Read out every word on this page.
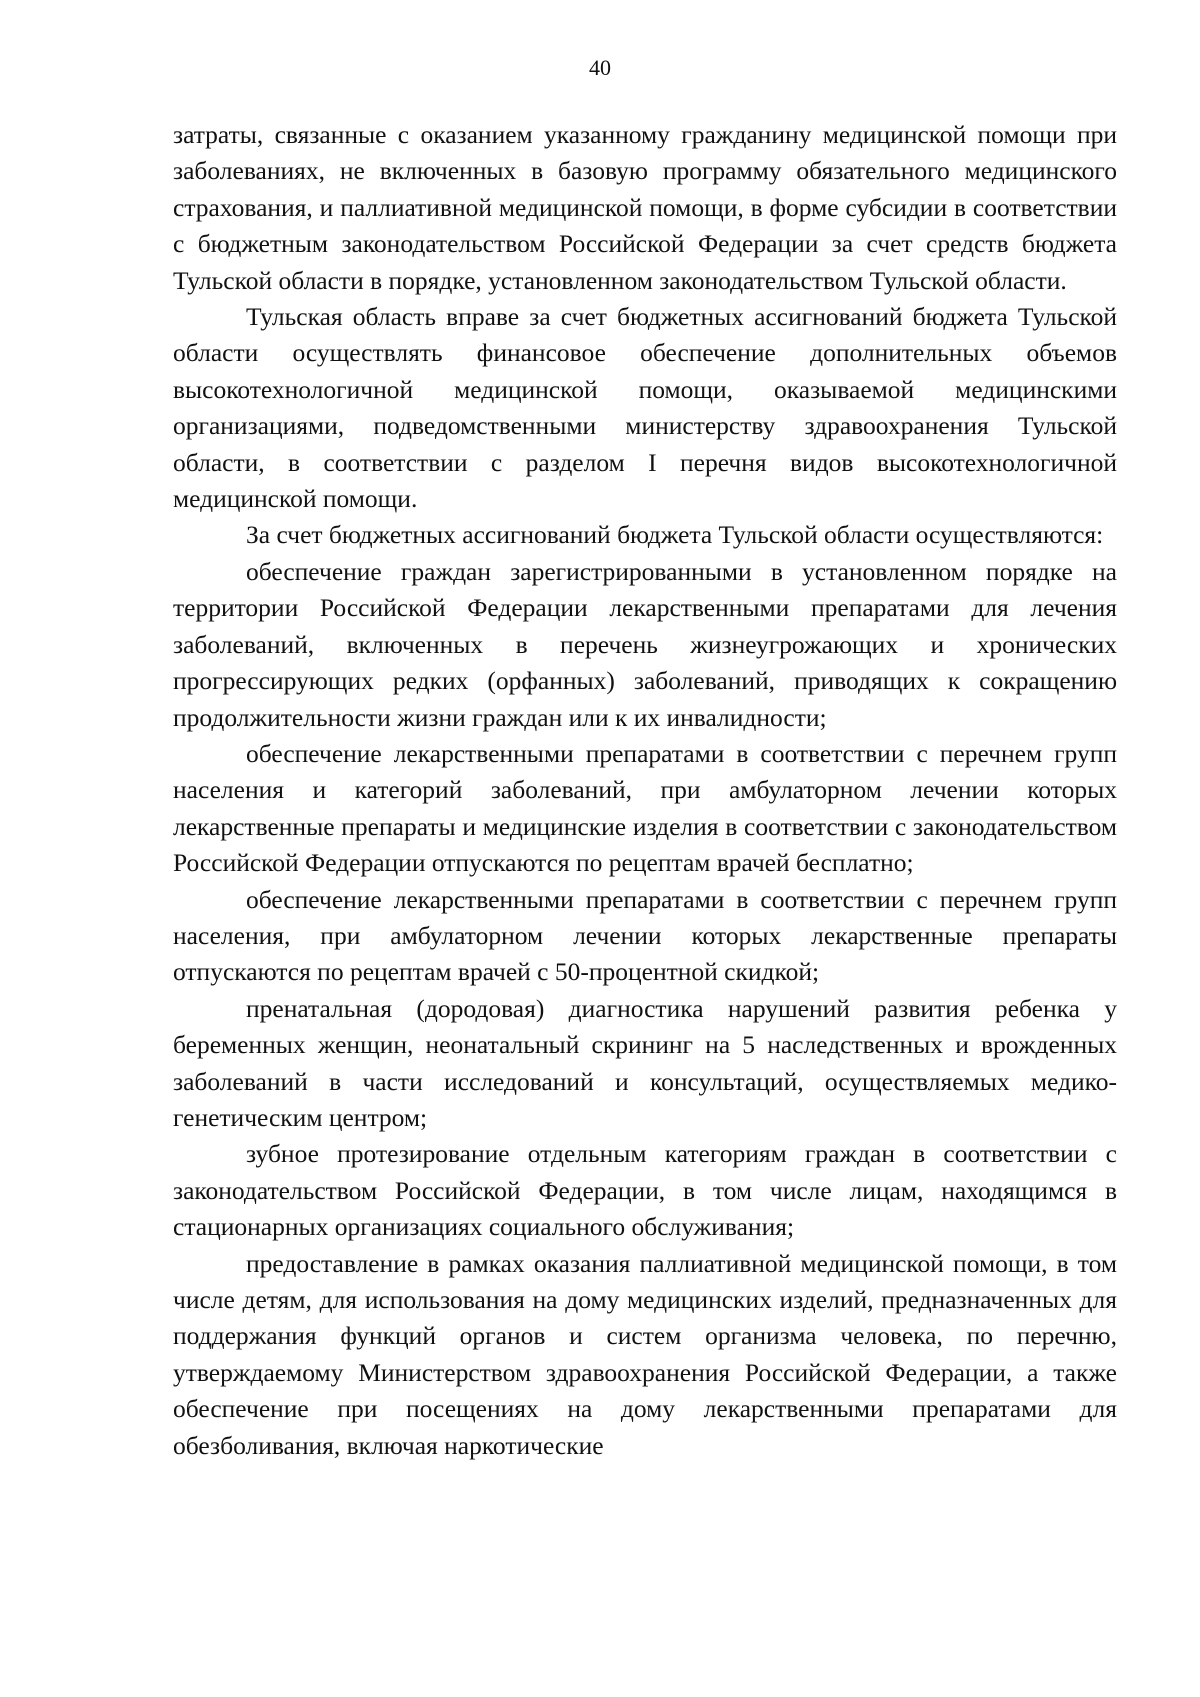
40

затраты, связанные с оказанием указанному гражданину медицинской помощи при заболеваниях, не включенных в базовую программу обязательного медицинского страхования, и паллиативной медицинской помощи, в форме субсидии в соответствии с бюджетным законодательством Российской Федерации за счет средств бюджета Тульской области в порядке, установленном законодательством Тульской области.

Тульская область вправе за счет бюджетных ассигнований бюджета Тульской области осуществлять финансовое обеспечение дополнительных объемов высокотехнологичной медицинской помощи, оказываемой медицинскими организациями, подведомственными министерству здравоохранения Тульской области, в соответствии с разделом I перечня видов высокотехнологичной медицинской помощи.

За счет бюджетных ассигнований бюджета Тульской области осуществляются:

обеспечение граждан зарегистрированными в установленном порядке на территории Российской Федерации лекарственными препаратами для лечения заболеваний, включенных в перечень жизнеугрожающих и хронических прогрессирующих редких (орфанных) заболеваний, приводящих к сокращению продолжительности жизни граждан или к их инвалидности;

обеспечение лекарственными препаратами в соответствии с перечнем групп населения и категорий заболеваний, при амбулаторном лечении которых лекарственные препараты и медицинские изделия в соответствии с законодательством Российской Федерации отпускаются по рецептам врачей бесплатно;

обеспечение лекарственными препаратами в соответствии с перечнем групп населения, при амбулаторном лечении которых лекарственные препараты отпускаются по рецептам врачей с 50-процентной скидкой;

пренатальная (дородовая) диагностика нарушений развития ребенка у беременных женщин, неонатальный скрининг на 5 наследственных и врожденных заболеваний в части исследований и консультаций, осуществляемых медико-генетическим центром;

зубное протезирование отдельным категориям граждан в соответствии с законодательством Российской Федерации, в том числе лицам, находящимся в стационарных организациях социального обслуживания;

предоставление в рамках оказания паллиативной медицинской помощи, в том числе детям, для использования на дому медицинских изделий, предназначенных для поддержания функций органов и систем организма человека, по перечню, утверждаемому Министерством здравоохранения Российской Федерации, а также обеспечение при посещениях на дому лекарственными препаратами для обезболивания, включая наркотические
